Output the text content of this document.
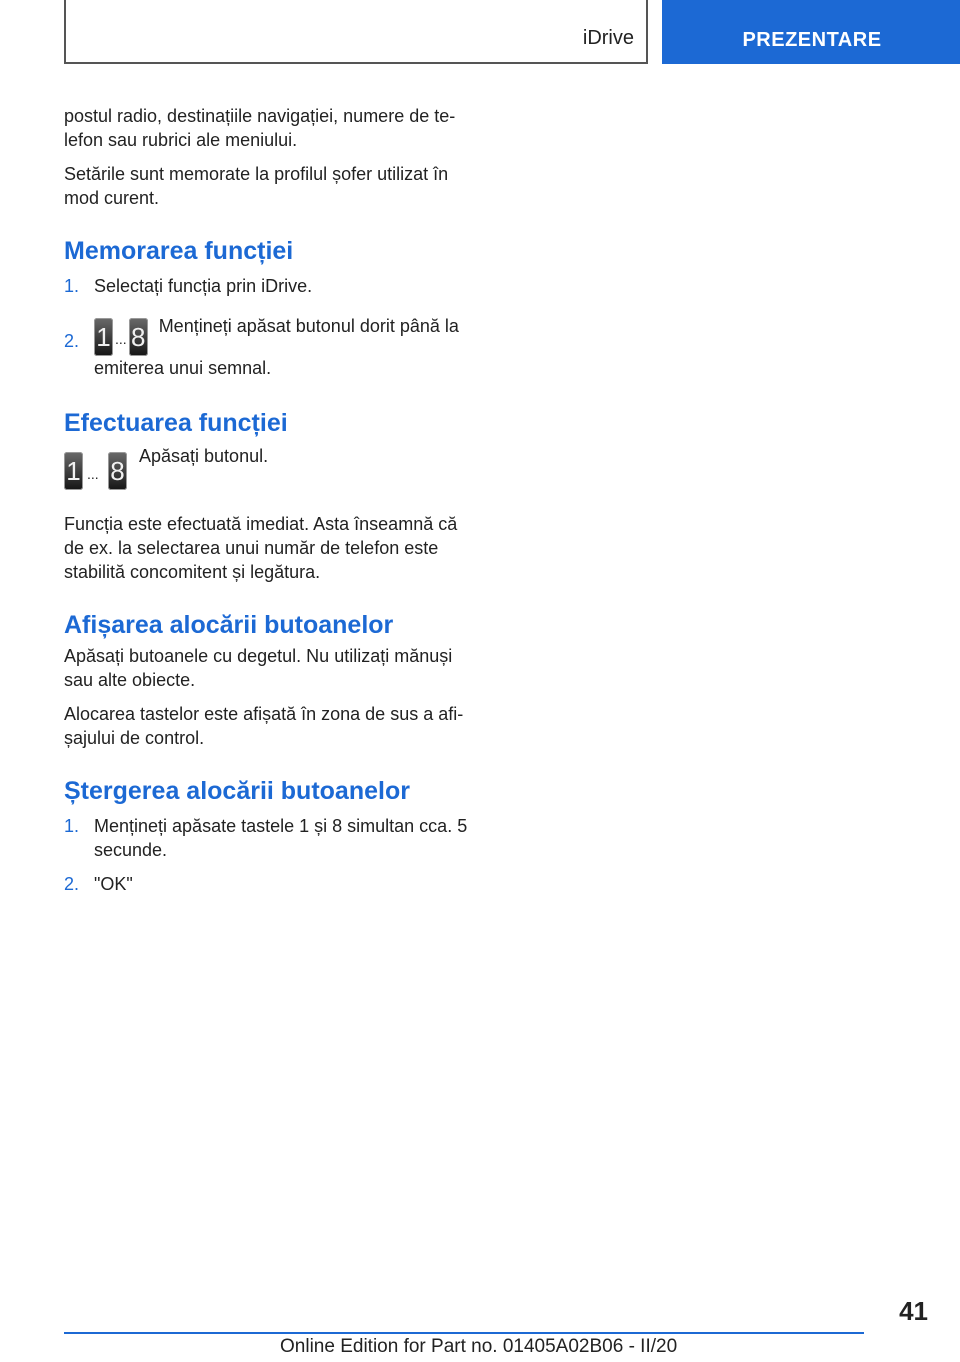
iDrive	PREZENTARE

postul radio, destinațiile navigației, numere de te‐lefon sau rubrici ale meniului.

Setările sunt memorate la profilul șofer utilizat în mod curent.

Memorarea funcției
1. Selectați funcția prin iDrive.
2. 1 ... 8 Mențineți apăsat butonul dorit până la emiterea unui semnal.
Efectuarea funcției
1 ... 8 Apăsați butonul.

Funcția este efectuată imediat. Asta înseamnă că de ex. la selectarea unui număr de telefon este stabilită concomitent și legătura.

Afișarea alocării butoanelor

Apăsați butoanele cu degetul. Nu utilizați mănuși sau alte obiecte.

Alocarea tastelor este afișată în zona de sus a afi‐șajului de control.

Ștergerea alocării butoanelor
1. Mențineți apăsate tastele 1 și 8 simultan cca. 5 secunde.
2. "OK"
41
Online Edition for Part no. 01405A02B06 - II/20
